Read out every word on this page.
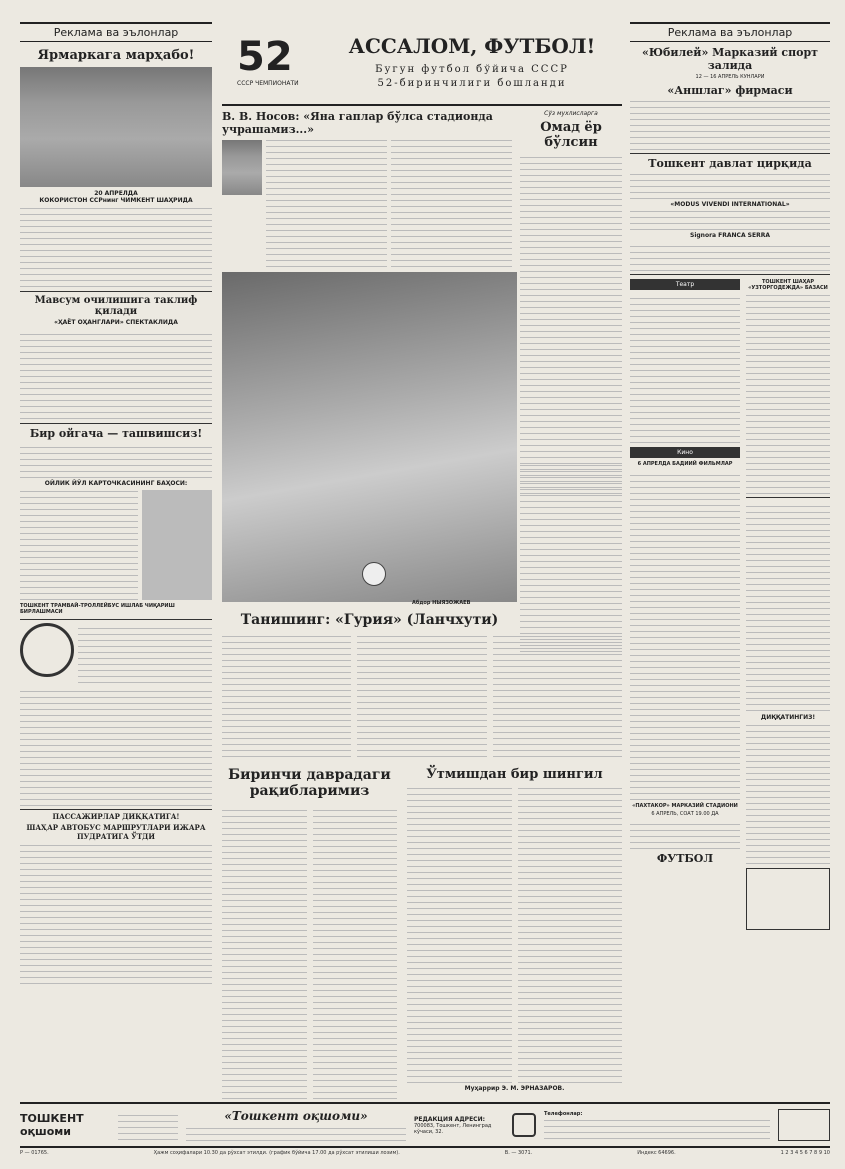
Реклама ва эълонлар
Ярмаркага марҳабо!
20 АПРЕЛДА
КОКОРИСТОН ССРнинг ЧИМКЕНТ ШАҲРИДА
Мавсум очилишига таклиф қилади
«ҲАЁТ ОҲАНГЛАРИ» СПЕКТАКЛИДА
Бир ойгача — ташвишсиз!
ОЙЛИК ЙЎЛ КАРТОЧКАСИНИНГ БАҲОСИ:
ТОШКЕНТ ТРАМВАЙ-ТРОЛЛЕЙБУС ИШЛАБ ЧИҚАРИШ БИРЛАШМАСИ
ПАССАЖИРЛАР ДИҚҚАТИГА!
ШАҲАР АВТОБУС МАРШРУТЛАРИ ИЖАРА ПУДРАТИГА ЎТДИ
52
СССР ЧЕМПИОНАТИ
АССАЛОМ, ФУТБОЛ!
Бугун футбол бўйича СССР
52-биринчилиги бошланди
В. В. Носов: «Яна гаплар бўлса стадионда учрашамиз...»
Сўз мухлисларга
Омад ёр бўлсин
Абдор НЫЯЗОЖАЕВ
Танишинг: «Гурия» (Ланчхути)
Биринчи даврадаги рақибларимиз
Ўтмишдан бир шингил
Муҳаррир Э. М. ЭРНАЗАРОВ.
Реклама ва эълонлар
«Юбилей» Марказий спорт залида
12 — 16 АПРЕЛЬ КУНЛАРИ
«Аншлаг» фирмаси
Тошкент давлат цирқида
«MODUS VIVENDI INTERNATIONAL»
Signora FRANCA SERRA
Театр
Кино
6 АПРЕЛДА БАДИИЙ ФИЛЬМЛАР
«ПАХТАКОР» МАРКАЗИЙ СТАДИОНИ
6 АПРЕЛЬ, СОАТ 19.00 ДА
ФУТБОЛ
ТОШКЕНТ ШАҲАР «УЗТОРГОДЕЖДА» БАЗАСИ
ДИҚҚАТИНГИЗ!
ТОШКЕНТ оқшоми
«Тошкент оқшоми»	РЕДАКЦИЯ АДРЕСИ:
700083, Тошкент, Ленинград кўчаси, 32.
Телефонлар:
Р — 01765.	Ҳажм соҳифалари 10.30 да рўхсат этилди. (график бўйича 17.00 да рўхсат этилиши лозим).	В. — 3071.	Индекс 64696.	1 2 3 4 5 6 7 8 9 10
